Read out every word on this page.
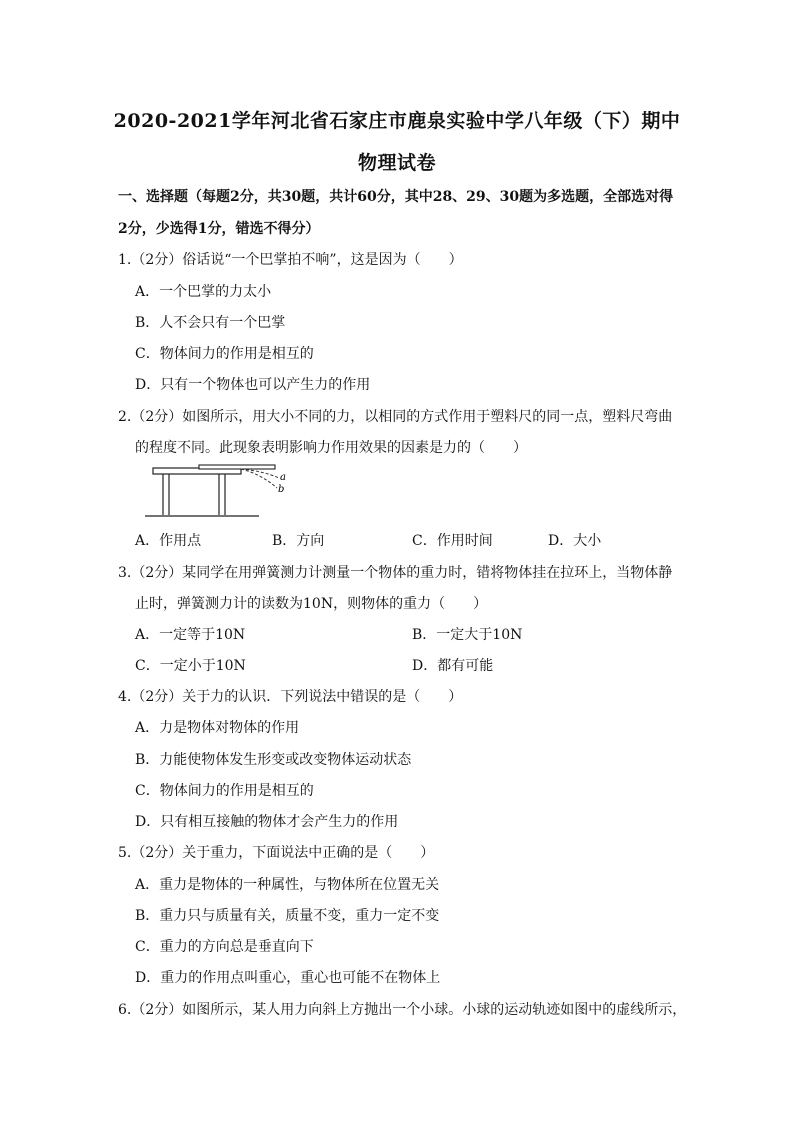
2020-2021学年河北省石家庄市鹿泉实验中学八年级（下）期中
物理试卷
一、选择题（每题2分，共30题，共计60分，其中28、29、30题为多选题，全部选对得
2分，少选得1分，错选不得分）
1.（2分）俗话说“一个巴掌拍不响”，这是因为（　　）
A．一个巴掌的力太小
B．人不会只有一个巴掌
C．物体间力的作用是相互的
D．只有一个物体也可以产生力的作用
2.（2分）如图所示，用大小不同的力，以相同的方式作用于塑料尺的同一点，塑料尺弯曲
的程度不同。此现象表明影响力作用效果的因素是力的（　　）
a
b
A．作用点	B．方向	C．作用时间	D．大小
3.（2分）某同学在用弹簧测力计测量一个物体的重力时，错将物体挂在拉环上，当物体静
止时，弹簧测力计的读数为10N，则物体的重力（　　）
A．一定等于10N	B．一定大于10N
C．一定小于10N	D．都有可能
4.（2分）关于力的认识．下列说法中错误的是（　　）
A．力是物体对物体的作用
B．力能使物体发生形变或改变物体运动状态
C．物体间力的作用是相互的
D．只有相互接触的物体才会产生力的作用
5.（2分）关于重力，下面说法中正确的是（　　）
A．重力是物体的一种属性，与物体所在位置无关
B．重力只与质量有关，质量不变，重力一定不变
C．重力的方向总是垂直向下
D．重力的作用点叫重心，重心也可能不在物体上
6.（2分）如图所示，某人用力向斜上方抛出一个小球。小球的运动轨迹如图中的虚线所示，
